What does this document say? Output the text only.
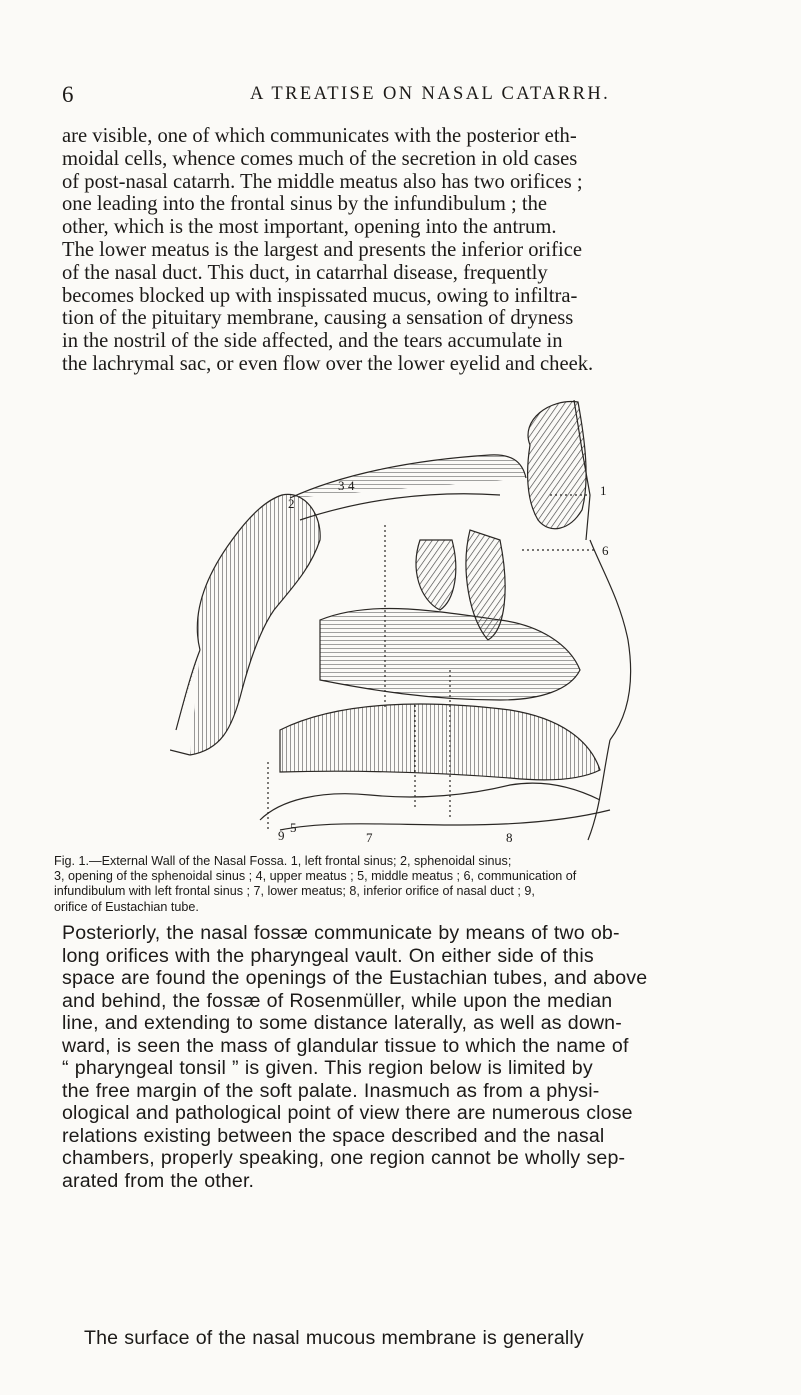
6	A TREATISE ON NASAL CATARRH.

are visible, one of which communicates with the posterior eth-
moidal cells, whence comes much of the secretion in old cases
of post-nasal catarrh. The middle meatus also has two orifices ;
one leading into the frontal sinus by the infundibulum ; the
other, which is the most important, opening into the antrum.
The lower meatus is the largest and presents the inferior orifice
of the nasal duct. This duct, in catarrhal disease, frequently
becomes blocked up with inspissated mucus, owing to infiltra-
tion of the pituitary membrane, causing a sensation of dryness
in the nostril of the side affected, and the tears accumulate in
the lachrymal sac, or even flow over the lower eyelid and cheek.

1
2
3 4
5
6
7	8
9

Fig. 1.—External Wall of the Nasal Fossa. 1, left frontal sinus; 2, sphenoidal sinus;
3, opening of the sphenoidal sinus ; 4, upper meatus ; 5, middle meatus ; 6, communication of
infundibulum with left frontal sinus ; 7, lower meatus; 8, inferior orifice of nasal duct ; 9,
orifice of Eustachian tube.

Posteriorly, the nasal fossæ communicate by means of two ob-
long orifices with the pharyngeal vault. On either side of this
space are found the openings of the Eustachian tubes, and above
and behind, the fossæ of Rosenmüller, while upon the median
line, and extending to some distance laterally, as well as down-
ward, is seen the mass of glandular tissue to which the name of
“ pharyngeal tonsil ” is given. This region below is limited by
the free margin of the soft palate. Inasmuch as from a physi-
ological and pathological point of view there are numerous close
relations existing between the space described and the nasal
chambers, properly speaking, one region cannot be wholly sep-
arated from the other.

The surface of the nasal mucous membrane is generally
